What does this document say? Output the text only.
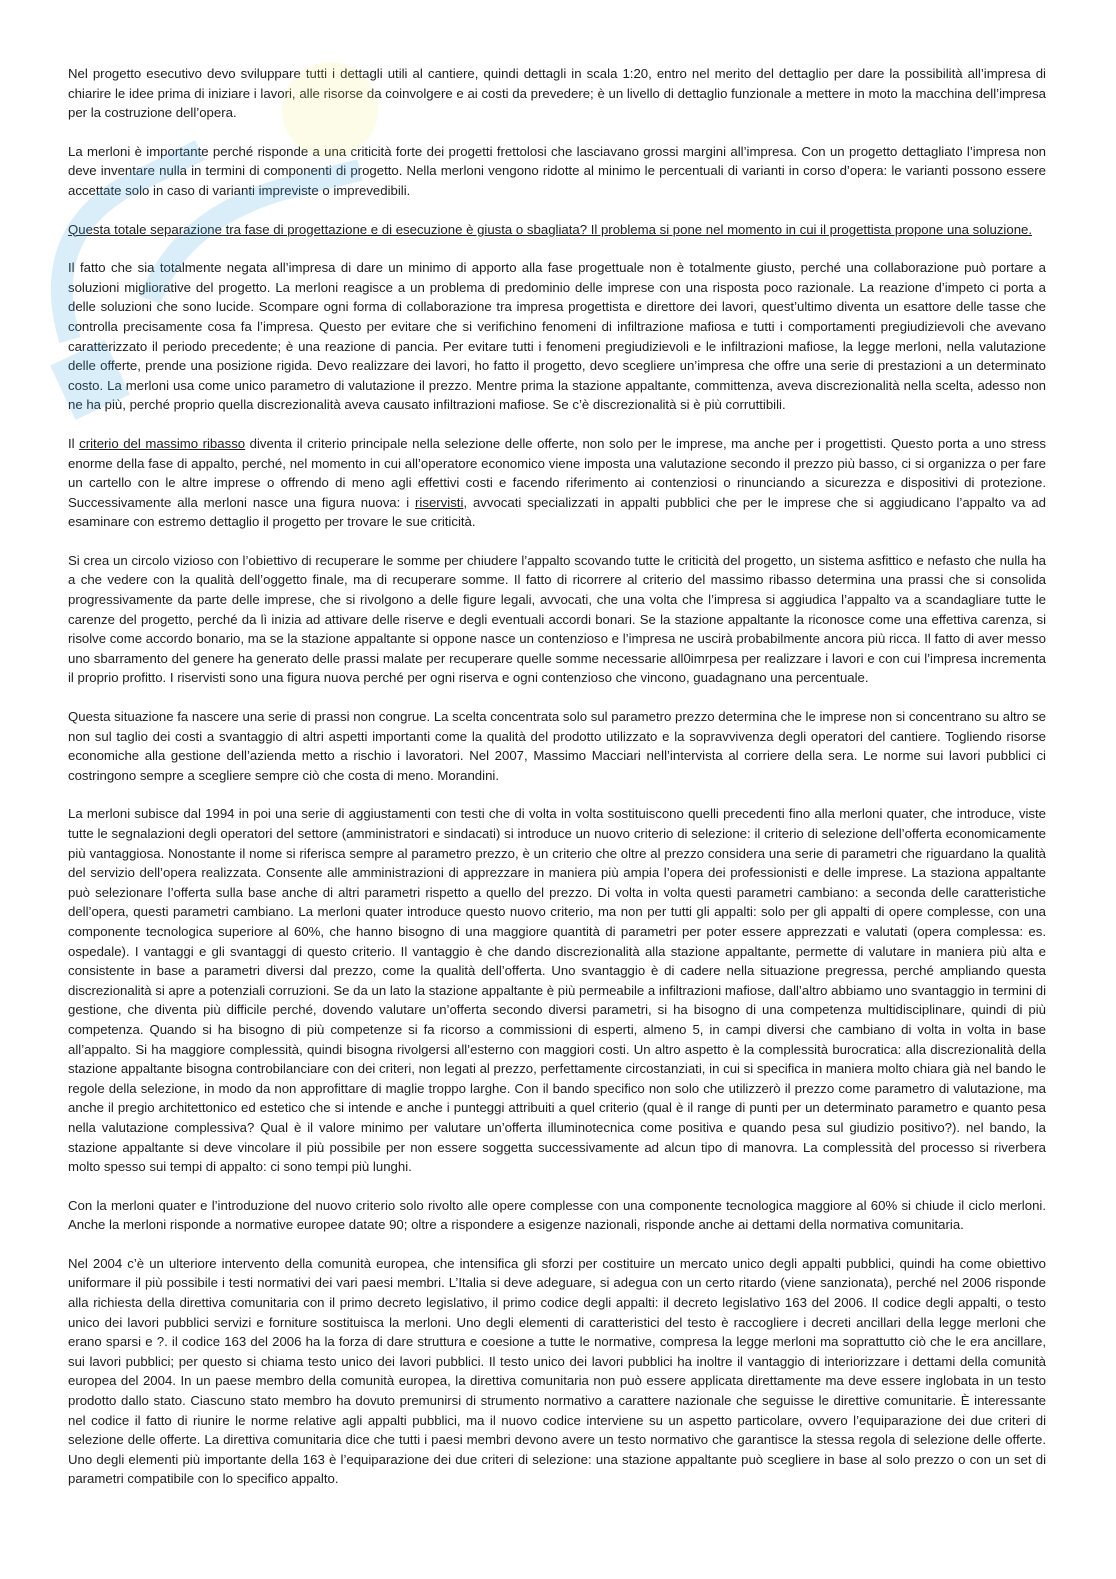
Nel progetto esecutivo devo sviluppare tutti i dettagli utili al cantiere, quindi dettagli in scala 1:20, entro nel merito del dettaglio per dare la possibilità all’impresa di chiarire le idee prima di iniziare i lavori, alle risorse da coinvolgere e ai costi da prevedere; è un livello di dettaglio funzionale a mettere in moto la macchina dell’impresa per la costruzione dell’opera.

La merloni è importante perché risponde a una criticità forte dei progetti frettolosi che lasciavano grossi margini all’impresa. Con un progetto dettagliato l’impresa non deve inventare nulla in termini di componenti di progetto. Nella merloni vengono ridotte al minimo le percentuali di varianti in corso d’opera: le varianti possono essere accettate solo in caso di varianti impreviste o imprevedibili.

Questa totale separazione tra fase di progettazione e di esecuzione è giusta o sbagliata? Il problema si pone nel momento in cui il progettista propone una soluzione.

Il fatto che sia totalmente negata all’impresa di dare un minimo di apporto alla fase progettuale non è totalmente giusto, perché una collaborazione può portare a soluzioni migliorative del progetto. La merloni reagisce a un problema di predominio delle imprese con una risposta poco razionale. La reazione d’impeto ci porta a delle soluzioni che sono lucide. Scompare ogni forma di collaborazione tra impresa progettista e direttore dei lavori, quest’ultimo diventa un esattore delle tasse che controlla precisamente cosa fa l’impresa. Questo per evitare che si verifichino fenomeni di infiltrazione mafiosa e tutti i comportamenti pregiudizievoli che avevano caratterizzato il periodo precedente; è una reazione di pancia. Per evitare tutti i fenomeni pregiudizievoli e le infiltrazioni mafiose, la legge merloni, nella valutazione delle offerte, prende una posizione rigida. Devo realizzare dei lavori, ho fatto il progetto, devo scegliere un’impresa che offre una serie di prestazioni a un determinato costo. La merloni usa come unico parametro di valutazione il prezzo. Mentre prima la stazione appaltante, committenza, aveva discrezionalità nella scelta, adesso non ne ha più, perché proprio quella discrezionalità aveva causato infiltrazioni mafiose. Se c’è discrezionalità si è più corruttibili.

Il criterio del massimo ribasso diventa il criterio principale nella selezione delle offerte, non solo per le imprese, ma anche per i progettisti. Questo porta a uno stress enorme della fase di appalto, perché, nel momento in cui all’operatore economico viene imposta una valutazione secondo il prezzo più basso, ci si organizza o per fare un cartello con le altre imprese o offrendo di meno agli effettivi costi e facendo riferimento ai contenziosi o rinunciando a sicurezza e dispositivi di protezione. Successivamente alla merloni nasce una figura nuova: i riservisti, avvocati specializzati in appalti pubblici che per le imprese che si aggiudicano l’appalto va ad esaminare con estremo dettaglio il progetto per trovare le sue criticità.

Si crea un circolo vizioso con l’obiettivo di recuperare le somme per chiudere l’appalto scovando tutte le criticità del progetto, un sistema asfittico e nefasto che nulla ha a che vedere con la qualità dell’oggetto finale, ma di recuperare somme. Il fatto di ricorrere al criterio del massimo ribasso determina una prassi che si consolida progressivamente da parte delle imprese, che si rivolgono a delle figure legali, avvocati, che una volta che l’impresa si aggiudica l’appalto va a scandagliare tutte le carenze del progetto, perché da lì inizia ad attivare delle riserve e degli eventuali accordi bonari. Se la stazione appaltante la riconosce come una effettiva carenza, si risolve come accordo bonario, ma se la stazione appaltante si oppone nasce un contenzioso e l’impresa ne uscirà probabilmente ancora più ricca. Il fatto di aver messo uno sbarramento del genere ha generato delle prassi malate per recuperare quelle somme necessarie all0imrpesa per realizzare i lavori e con cui l’impresa incrementa il proprio profitto. I riservisti sono una figura nuova perché per ogni riserva e ogni contenzioso che vincono, guadagnano una percentuale.

Questa situazione fa nascere una serie di prassi non congrue. La scelta concentrata solo sul parametro prezzo determina che le imprese non si concentrano su altro se non sul taglio dei costi a svantaggio di altri aspetti importanti come la qualità del prodotto utilizzato e la sopravvivenza degli operatori del cantiere. Togliendo risorse economiche alla gestione dell’azienda metto a rischio i lavoratori. Nel 2007, Massimo Macciari nell’intervista al corriere della sera. Le norme sui lavori pubblici ci costringono sempre a scegliere sempre ciò che costa di meno. Morandini.

La merloni subisce dal 1994 in poi una serie di aggiustamenti con testi che di volta in volta sostituiscono quelli precedenti fino alla merloni quater, che introduce, viste tutte le segnalazioni degli operatori del settore (amministratori e sindacati) si introduce un nuovo criterio di selezione: il criterio di selezione dell’offerta economicamente più vantaggiosa. Nonostante il nome si riferisca sempre al parametro prezzo, è un criterio che oltre al prezzo considera una serie di parametri che riguardano la qualità del servizio dell’opera realizzata. Consente alle amministrazioni di apprezzare in maniera più ampia l’opera dei professionisti e delle imprese. La staziona appaltante può selezionare l’offerta sulla base anche di altri parametri rispetto a quello del prezzo. Di volta in volta questi parametri cambiano: a seconda delle caratteristiche dell’opera, questi parametri cambiano. La merloni quater introduce questo nuovo criterio, ma non per tutti gli appalti: solo per gli appalti di opere complesse, con una componente tecnologica superiore al 60%, che hanno bisogno di una maggiore quantità di parametri per poter essere apprezzati e valutati (opera complessa: es. ospedale). I vantaggi e gli svantaggi di questo criterio. Il vantaggio è che dando discrezionalità alla stazione appaltante, permette di valutare in maniera più alta e consistente in base a parametri diversi dal prezzo, come la qualità dell’offerta. Uno svantaggio è di cadere nella situazione pregressa, perché ampliando questa discrezionalità si apre a potenziali corruzioni. Se da un lato la stazione appaltante è più permeabile a infiltrazioni mafiose, dall’altro abbiamo uno svantaggio in termini di gestione, che diventa più difficile perché, dovendo valutare un’offerta secondo diversi parametri, si ha bisogno di una competenza multidisciplinare, quindi di più competenza. Quando si ha bisogno di più competenze si fa ricorso a commissioni di esperti, almeno 5, in campi diversi che cambiano di volta in volta in base all’appalto. Si ha maggiore complessità, quindi bisogna rivolgersi all’esterno con maggiori costi. Un altro aspetto è la complessità burocratica: alla discrezionalità della stazione appaltante bisogna controbilanciare con dei criteri, non legati al prezzo, perfettamente circostanziati, in cui si specifica in maniera molto chiara già nel bando le regole della selezione, in modo da non approfittare di maglie troppo larghe. Con il bando specifico non solo che utilizzerò il prezzo come parametro di valutazione, ma anche il pregio architettonico ed estetico che si intende e anche i punteggi attribuiti a quel criterio (qual è il range di punti per un determinato parametro e quanto pesa nella valutazione complessiva? Qual è il valore minimo per valutare un’offerta illuminotecnica come positiva e quando pesa sul giudizio positivo?). nel bando, la stazione appaltante si deve vincolare il più possibile per non essere soggetta successivamente ad alcun tipo di manovra. La complessità del processo si riverbera molto spesso sui tempi di appalto: ci sono tempi più lunghi.

Con la merloni quater e l’introduzione del nuovo criterio solo rivolto alle opere complesse con una componente tecnologica maggiore al 60% si chiude il ciclo merloni. Anche la merloni risponde a normative europee datate 90; oltre a rispondere a esigenze nazionali, risponde anche ai dettami della normativa comunitaria.

Nel 2004 c’è un ulteriore intervento della comunità europea, che intensifica gli sforzi per costituire un mercato unico degli appalti pubblici, quindi ha come obiettivo uniformare il più possibile i testi normativi dei vari paesi membri. L’Italia si deve adeguare, si adegua con un certo ritardo (viene sanzionata), perché nel 2006 risponde alla richiesta della direttiva comunitaria con il primo decreto legislativo, il primo codice degli appalti: il decreto legislativo 163 del 2006. Il codice degli appalti, o testo unico dei lavori pubblici servizi e forniture sostituisca la merloni. Uno degli elementi di caratteristici del testo è raccogliere i decreti ancillari della legge merloni che erano sparsi e ?. il codice 163 del 2006 ha la forza di dare struttura e coesione a tutte le normative, compresa la legge merloni ma soprattutto ciò che le era ancillare, sui lavori pubblici; per questo si chiama testo unico dei lavori pubblici. Il testo unico dei lavori pubblici ha inoltre il vantaggio di interiorizzare i dettami della comunità europea del 2004. In un paese membro della comunità europea, la direttiva comunitaria non può essere applicata direttamente ma deve essere inglobata in un testo prodotto dallo stato. Ciascuno stato membro ha dovuto premunirsi di strumento normativo a carattere nazionale che seguisse le direttive comunitarie. È interessante nel codice il fatto di riunire le norme relative agli appalti pubblici, ma il nuovo codice interviene su un aspetto particolare, ovvero l’equiparazione dei due criteri di selezione delle offerte. La direttiva comunitaria dice che tutti i paesi membri devono avere un testo normativo che garantisce la stessa regola di selezione delle offerte. Uno degli elementi più importante della 163 è l’equiparazione dei due criteri di selezione: una stazione appaltante può scegliere in base al solo prezzo o con un set di parametri compatibile con lo specifico appalto.
